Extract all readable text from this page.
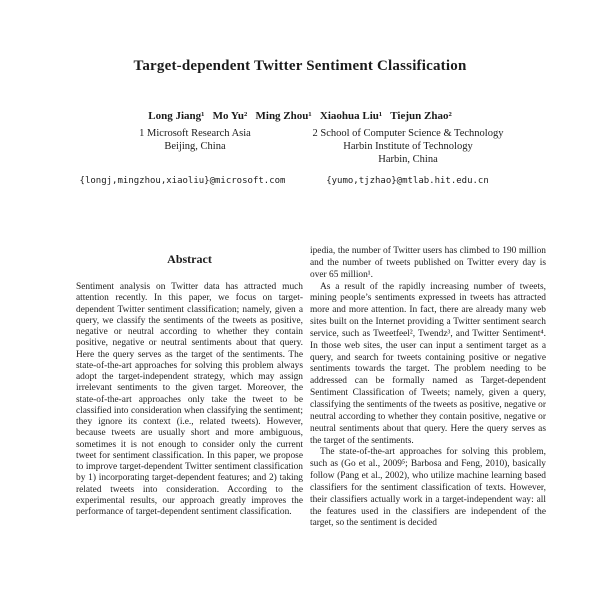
Target-dependent Twitter Sentiment Classification
Long Jiang¹   Mo Yu²   Ming Zhou¹   Xiaohua Liu¹   Tiejun Zhao²
1 Microsoft Research Asia
Beijing, China
2 School of Computer Science & Technology
Harbin Institute of Technology
Harbin, China
{longj,mingzhou,xiaoliu}@microsoft.com	{yumo,tjzhao}@mtlab.hit.edu.cn
Abstract

Sentiment analysis on Twitter data has attracted much attention recently. In this paper, we focus on target-dependent Twitter sentiment classification; namely, given a query, we classify the sentiments of the tweets as positive, negative or neutral according to whether they contain positive, negative or neutral sentiments about that query. Here the query serves as the target of the sentiments. The state-of-the-art approaches for solving this problem always adopt the target-independent strategy, which may assign irrelevant sentiments to the given target. Moreover, the state-of-the-art approaches only take the tweet to be classified into consideration when classifying the sentiment; they ignore its context (i.e., related tweets). However, because tweets are usually short and more ambiguous, sometimes it is not enough to consider only the current tweet for sentiment classification. In this paper, we propose to improve target-dependent Twitter sentiment classification by 1) incorporating target-dependent features; and 2) taking related tweets into consideration. According to the experimental results, our approach greatly improves the performance of target-dependent sentiment classification.

ipedia, the number of Twitter users has climbed to 190 million and the number of tweets published on Twitter every day is over 65 million¹.

As a result of the rapidly increasing number of tweets, mining people’s sentiments expressed in tweets has attracted more and more attention. In fact, there are already many web sites built on the Internet providing a Twitter sentiment search service, such as Tweetfeel², Twendz³, and Twitter Sentiment⁴. In those web sites, the user can input a sentiment target as a query, and search for tweets containing positive or negative sentiments towards the target. The problem needing to be addressed can be formally named as Target-dependent Sentiment Classification of Tweets; namely, given a query, classifying the sentiments of the tweets as positive, negative or neutral according to whether they contain positive, negative or neutral sentiments about that query. Here the query serves as the target of the sentiments.

The state-of-the-art approaches for solving this problem, such as (Go et al., 2009⁵; Barbosa and Feng, 2010), basically follow (Pang et al., 2002), who utilize machine learning based classifiers for the sentiment classification of texts. However, their classifiers actually work in a target-independent way: all the features used in the classifiers are independent of the target, so the sentiment is decided
